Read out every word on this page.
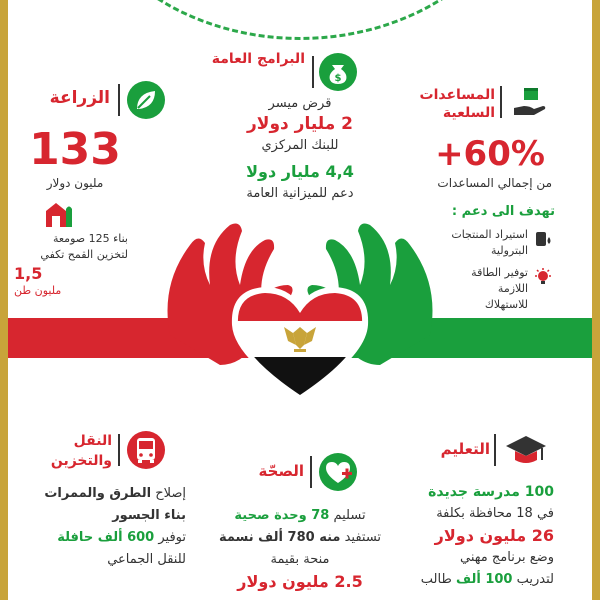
$
البرامج العامة
قرض ميسر
2 مليار دولار
للبنك المركزي
4,4 مليار دولا
دعم للميزانية العامة
الزراعة
133
مليون دولار
بناء 125 صومعة
لتخزين القمح تكفي
1,5
مليون طن
المساعدات
السلعية
+60%
من إجمالي المساعدات
تهدف الى دعم :
استيراد المنتجات
البترولية
توفير الطاقة
اللازمة
للاستهلاك
النقل
والتخزين
إصلاح الطرق والممرات
بناء الجسور
توفير 600 ألف حافلة
للنقل الجماعي
الصحّة
تسليم 78 وحدة صحية
تستفيد منه 780 ألف نسمة
منحة بقيمة
2.5 مليون دولار
التعليم
100 مدرسة جديدة
في 18 محافظة بكلفة
26 مليون دولار
وضع برنامج مهني
لتدريب 100 ألف طالب
